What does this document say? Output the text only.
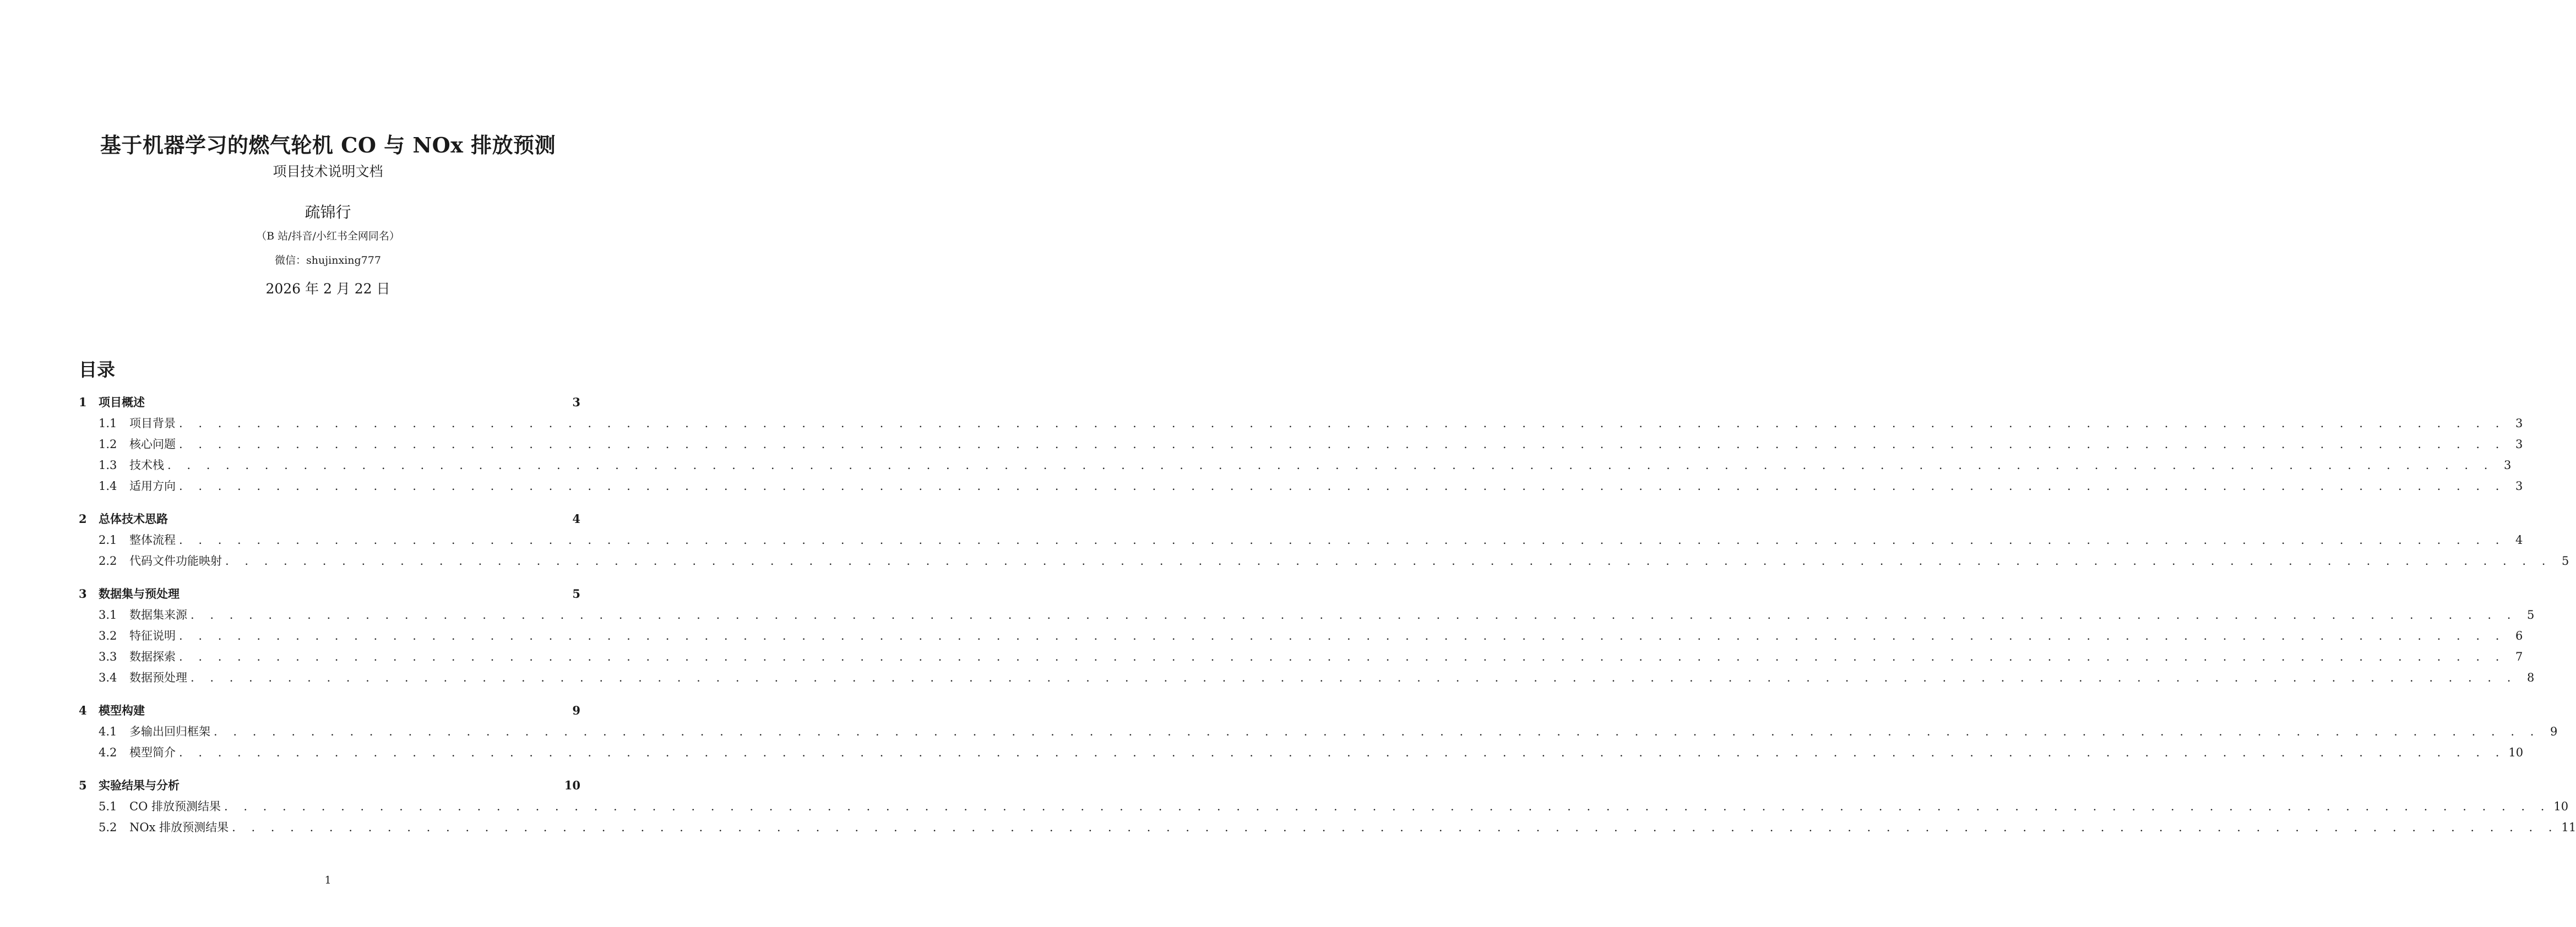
基于机器学习的燃气轮机 CO 与 NOx 排放预测
项目技术说明文档
疏锦行
（B 站/抖音/小红书全网同名）
微信：shujinxing777
2026 年 2 月 22 日
目录
1	项目概述	3
1.1	项目背景 . . . . . . . . . . . . . . . . . . . . . . . . . . . . . . . . . . . . . . . . . . . . . . . . . . . . . . . . . . . . . . . . . . . . . . . . . . . . . . . . . . . . . . . . . . . . . . . . . . . . . . . . . . . . . . . . . . . . . . . . 3
1.2	核心问题 . . . . . . . . . . . . . . . . . . . . . . . . . . . . . . . . . . . . . . . . . . . . . . . . . . . . . . . . . . . . . . . . . . . . . . . . . . . . . . . . . . . . . . . . . . . . . . . . . . . . . . . . . . . . . . . . . . . . . . . . 3
1.3	技术栈 . . . . . . . . . . . . . . . . . . . . . . . . . . . . . . . . . . . . . . . . . . . . . . . . . . . . . . . . . . . . . . . . . . . . . . . . . . . . . . . . . . . . . . . . . . . . . . . . . . . . . . . . . . . . . . . . . . . . . . . . 3
1.4	适用方向 . . . . . . . . . . . . . . . . . . . . . . . . . . . . . . . . . . . . . . . . . . . . . . . . . . . . . . . . . . . . . . . . . . . . . . . . . . . . . . . . . . . . . . . . . . . . . . . . . . . . . . . . . . . . . . . . . . . . . . . . 3
2	总体技术思路	4
2.1	整体流程 . . . . . . . . . . . . . . . . . . . . . . . . . . . . . . . . . . . . . . . . . . . . . . . . . . . . . . . . . . . . . . . . . . . . . . . . . . . . . . . . . . . . . . . . . . . . . . . . . . . . . . . . . . . . . . . . . . . . . . . . 4
2.2	代码文件功能映射 . . . . . . . . . . . . . . . . . . . . . . . . . . . . . . . . . . . . . . . . . . . . . . . . . . . . . . . . . . . . . . . . . . . . . . . . . . . . . . . . . . . . . . . . . . . . . . . . . . . . . . . . . . . . . . . . . . . . . . . . 5
3	数据集与预处理	5
3.1	数据集来源 . . . . . . . . . . . . . . . . . . . . . . . . . . . . . . . . . . . . . . . . . . . . . . . . . . . . . . . . . . . . . . . . . . . . . . . . . . . . . . . . . . . . . . . . . . . . . . . . . . . . . . . . . . . . . . . . . . . . . . . . 5
3.2	特征说明 . . . . . . . . . . . . . . . . . . . . . . . . . . . . . . . . . . . . . . . . . . . . . . . . . . . . . . . . . . . . . . . . . . . . . . . . . . . . . . . . . . . . . . . . . . . . . . . . . . . . . . . . . . . . . . . . . . . . . . . . 6
3.3	数据探索 . . . . . . . . . . . . . . . . . . . . . . . . . . . . . . . . . . . . . . . . . . . . . . . . . . . . . . . . . . . . . . . . . . . . . . . . . . . . . . . . . . . . . . . . . . . . . . . . . . . . . . . . . . . . . . . . . . . . . . . . 7
3.4	数据预处理 . . . . . . . . . . . . . . . . . . . . . . . . . . . . . . . . . . . . . . . . . . . . . . . . . . . . . . . . . . . . . . . . . . . . . . . . . . . . . . . . . . . . . . . . . . . . . . . . . . . . . . . . . . . . . . . . . . . . . . . . 8
4	模型构建	9
4.1	多输出回归框架 . . . . . . . . . . . . . . . . . . . . . . . . . . . . . . . . . . . . . . . . . . . . . . . . . . . . . . . . . . . . . . . . . . . . . . . . . . . . . . . . . . . . . . . . . . . . . . . . . . . . . . . . . . . . . . . . . . . . . . . . 9
4.2	模型简介 . . . . . . . . . . . . . . . . . . . . . . . . . . . . . . . . . . . . . . . . . . . . . . . . . . . . . . . . . . . . . . . . . . . . . . . . . . . . . . . . . . . . . . . . . . . . . . . . . . . . . . . . . . . . . . . . . . . . . . . . 10
5	实验结果与分析	10
5.1	CO 排放预测结果 . . . . . . . . . . . . . . . . . . . . . . . . . . . . . . . . . . . . . . . . . . . . . . . . . . . . . . . . . . . . . . . . . . . . . . . . . . . . . . . . . . . . . . . . . . . . . . . . . . . . . . . . . . . . . . . . . . . . . . . . 10
5.2	NOx 排放预测结果 . . . . . . . . . . . . . . . . . . . . . . . . . . . . . . . . . . . . . . . . . . . . . . . . . . . . . . . . . . . . . . . . . . . . . . . . . . . . . . . . . . . . . . . . . . . . . . . . . . . . . . . . . . . . . . . . . . . . . . . . 11
1
